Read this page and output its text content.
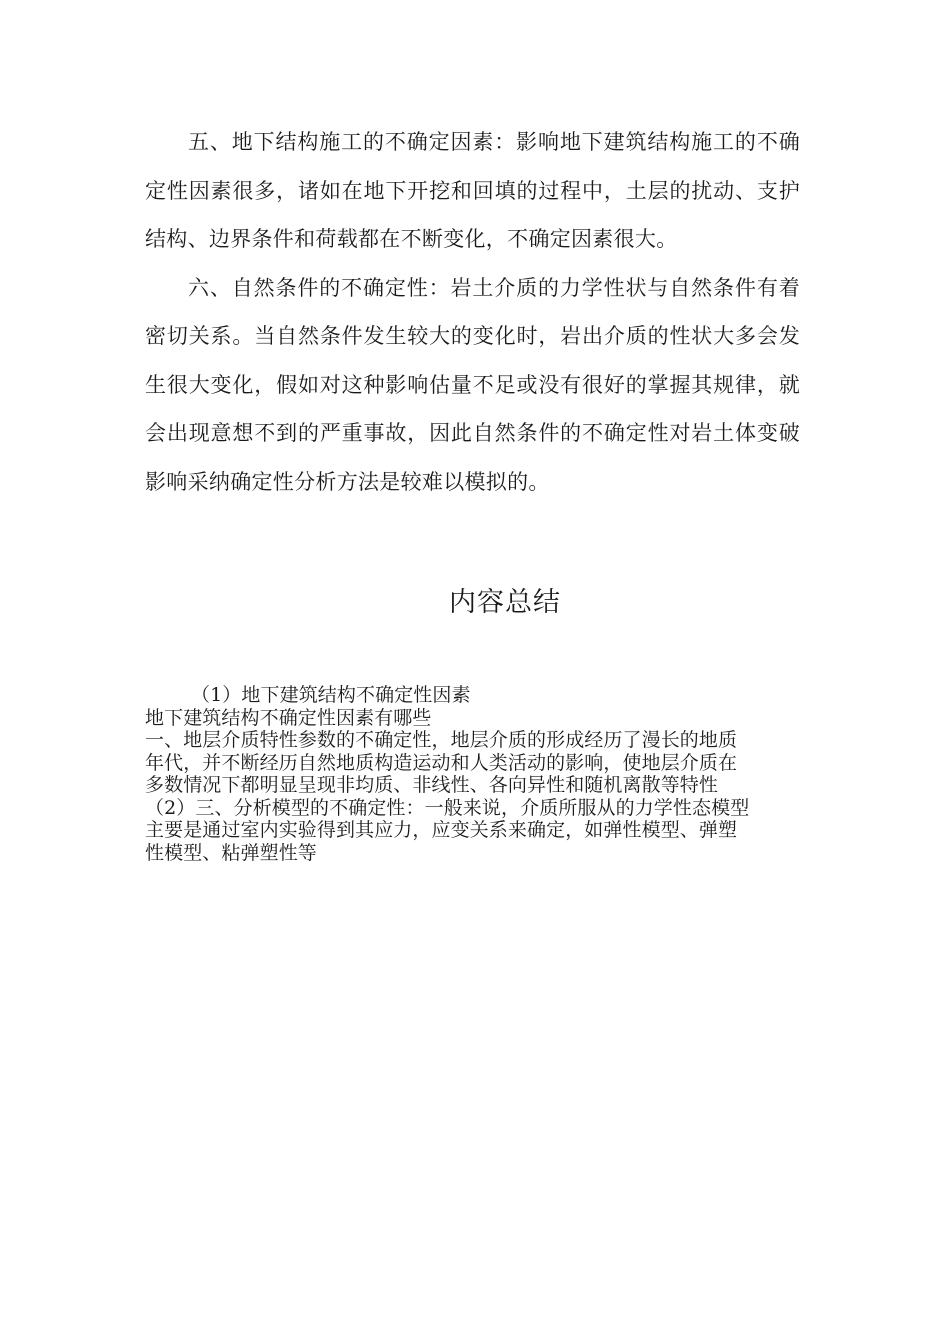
五、地下结构施工的不确定因素：影响地下建筑结构施工的不确定性因素很多，诸如在地下开挖和回填的过程中，土层的扰动、支护结构、边界条件和荷载都在不断变化，不确定因素很大。

六、自然条件的不确定性：岩土介质的力学性状与自然条件有着密切关系。当自然条件发生较大的变化时，岩出介质的性状大多会发生很大变化，假如对这种影响估量不足或没有很好的掌握其规律，就会出现意想不到的严重事故，因此自然条件的不确定性对岩土体变破影响采纳确定性分析方法是较难以模拟的。

内容总结

（1）地下建筑结构不确定性因素

地下建筑结构不确定性因素有哪些

一、地层介质特性参数的不确定性，地层介质的形成经历了漫长的地质

年代，并不断经历自然地质构造运动和人类活动的影响，使地层介质在

多数情况下都明显呈现非均质、非线性、各向异性和随机离散等特性

（2）三、分析模型的不确定性：一般来说，介质所服从的力学性态模型

主要是通过室内实验得到其应力，应变关系来确定，如弹性模型、弹塑

性模型、粘弹塑性等
